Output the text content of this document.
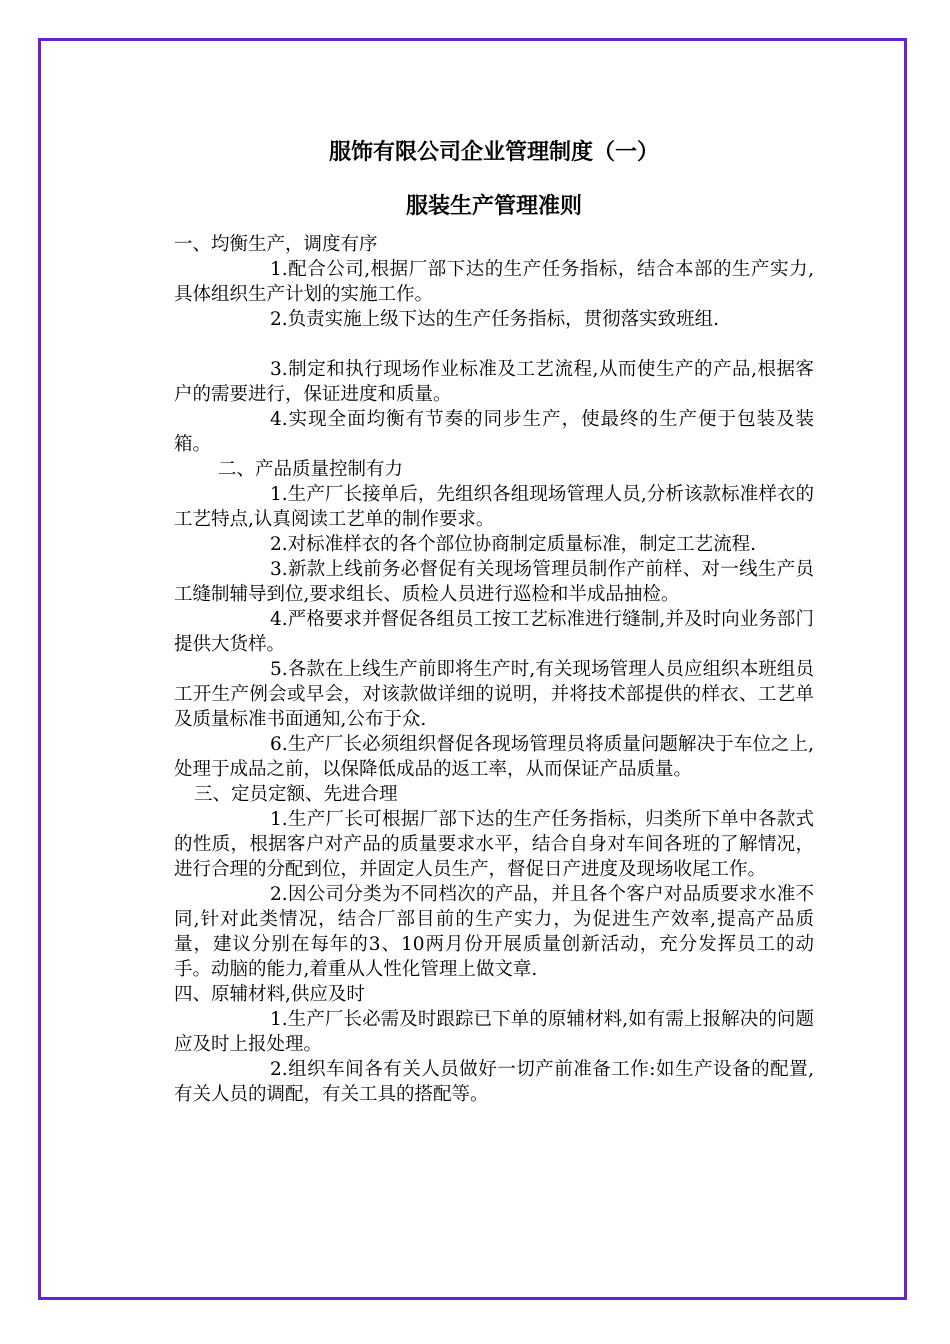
服饰有限公司企业管理制度（一）
服装生产管理准则

一、均衡生产，调度有序

1.配合公司,根据厂部下达的生产任务指标，结合本部的生产实力,具体组织生产计划的实施工作。

2.负责实施上级下达的生产任务指标，贯彻落实致班组.

3.制定和执行现场作业标准及工艺流程,从而使生产的产品,根据客户的需要进行，保证进度和质量。

4.实现全面均衡有节奏的同步生产，使最终的生产便于包装及装箱。

二、产品质量控制有力

1.生产厂长接单后，先组织各组现场管理人员,分析该款标准样衣的工艺特点,认真阅读工艺单的制作要求。

2.对标准样衣的各个部位协商制定质量标准，制定工艺流程.

3.新款上线前务必督促有关现场管理员制作产前样、对一线生产员工缝制辅导到位,要求组长、质检人员进行巡检和半成品抽检。

4.严格要求并督促各组员工按工艺标准进行缝制,并及时向业务部门提供大货样。

5.各款在上线生产前即将生产时,有关现场管理人员应组织本班组员工开生产例会或早会，对该款做详细的说明，并将技术部提供的样衣、工艺单及质量标准书面通知,公布于众.

6.生产厂长必须组织督促各现场管理员将质量问题解决于车位之上,处理于成品之前，以保降低成品的返工率，从而保证产品质量。

三、定员定额、先进合理

1.生产厂长可根据厂部下达的生产任务指标，归类所下单中各款式的性质，根据客户对产品的质量要求水平，结合自身对车间各班的了解情况，进行合理的分配到位，并固定人员生产，督促日产进度及现场收尾工作。

2.因公司分类为不同档次的产品，并且各个客户对品质要求水准不同,针对此类情况，结合厂部目前的生产实力，为促进生产效率,提高产品质量，建议分别在每年的3、10两月份开展质量创新活动，充分发挥员工的动手。动脑的能力,着重从人性化管理上做文章.

四、原辅材料,供应及时

1.生产厂长必需及时跟踪已下单的原辅材料,如有需上报解决的问题应及时上报处理。

2.组织车间各有关人员做好一切产前准备工作:如生产设备的配置,有关人员的调配，有关工具的搭配等。
